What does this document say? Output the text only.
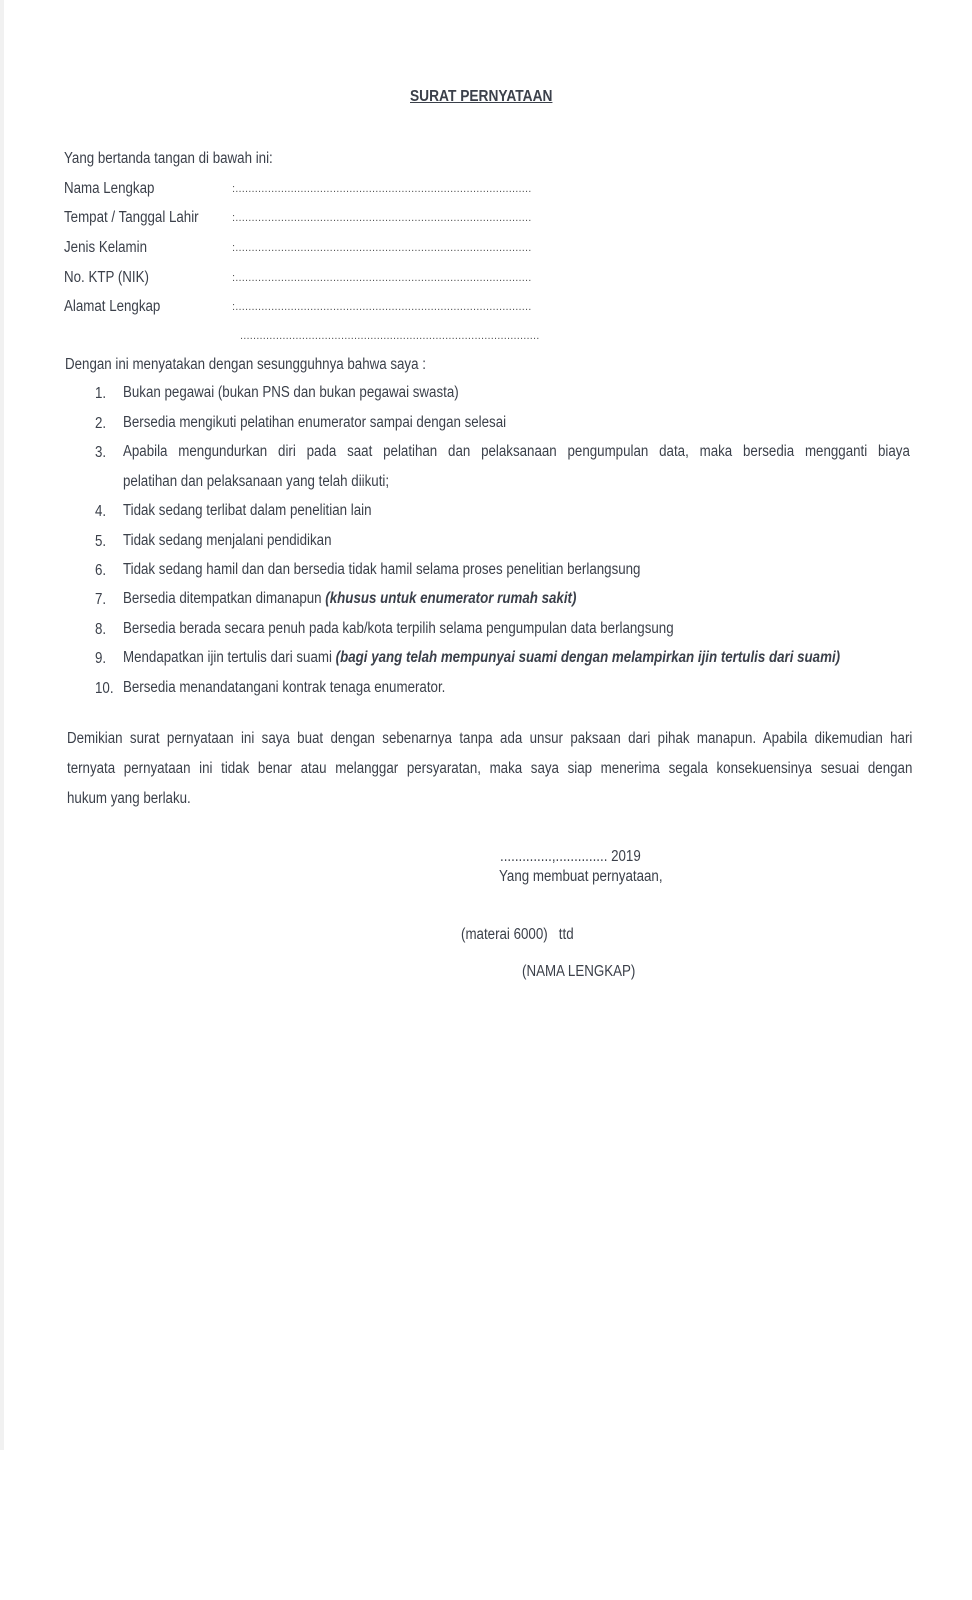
SURAT PERNYATAAN
Yang bertanda tangan di bawah ini:
Nama Lengkap	:...........................................................................................
Tempat / Tanggal Lahir	:...........................................................................................
Jenis Kelamin	:...........................................................................................
No. KTP (NIK)	:...........................................................................................
Alamat Lengkap	:...........................................................................................
............................................................................................
Dengan ini menyatakan dengan sesungguhnya bahwa saya :
1. Bukan pegawai (bukan PNS dan bukan pegawai swasta)
2. Bersedia mengikuti pelatihan enumerator sampai dengan selesai
3. Apabila mengundurkan diri pada saat pelatihan dan pelaksanaan pengumpulan data, maka bersedia mengganti biaya
pelatihan dan pelaksanaan yang telah diikuti;
4. Tidak sedang terlibat dalam penelitian lain
5. Tidak sedang menjalani pendidikan
6. Tidak sedang hamil dan dan bersedia tidak hamil selama proses penelitian berlangsung
7. Bersedia ditempatkan dimanapun (khusus untuk enumerator rumah sakit)
8. Bersedia berada secara penuh pada kab/kota terpilih selama pengumpulan data berlangsung
9. Mendapatkan ijin tertulis dari suami (bagi yang telah mempunyai suami dengan melampirkan ijin tertulis dari suami)
10. Bersedia menandatangani kontrak tenaga enumerator.
Demikian surat pernyataan ini saya buat dengan sebenarnya tanpa ada unsur paksaan dari pihak manapun. Apabila dikemudian hari
ternyata pernyataan ini tidak benar atau melanggar persyaratan, maka saya siap menerima segala konsekuensinya sesuai dengan
hukum yang berlaku.
..............,.............. 2019
Yang membuat pernyataan,
(materai 6000)   ttd
(NAMA LENGKAP)
